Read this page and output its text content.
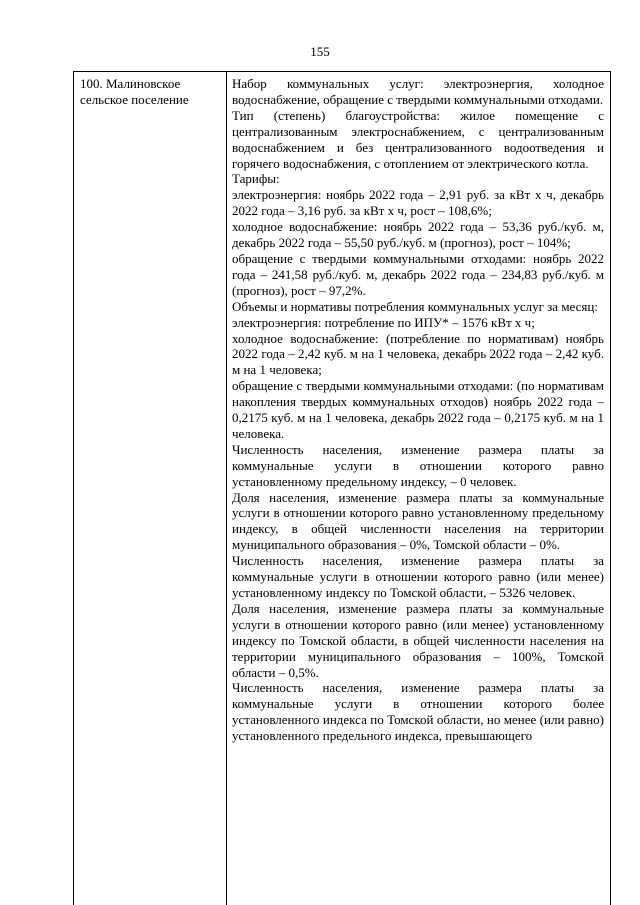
155
100. Малиновское сельское поселение

Набор коммунальных услуг: электроэнергия, холодное водоснабжение, обращение с твердыми коммунальными отходами.

Тип (степень) благоустройства: жилое помещение с централизованным электроснабжением, с централизованным водоснабжением и без централизованного водоотведения и горячего водоснабжения, с отоплением от электрического котла.

Тарифы:

электроэнергия: ноябрь 2022 года – 2,91 руб. за кВт х ч, декабрь 2022 года – 3,16 руб. за кВт х ч, рост – 108,6%;

холодное водоснабжение: ноябрь 2022 года – 53,36 руб./куб. м, декабрь 2022 года – 55,50 руб./куб. м (прогноз), рост – 104%;

обращение с твердыми коммунальными отходами: ноябрь 2022 года – 241,58 руб./куб. м, декабрь 2022 года – 234,83 руб./куб. м (прогноз), рост – 97,2%.

Объемы и нормативы потребления коммунальных услуг за месяц:

электроэнергия: потребление по ИПУ* – 1576 кВт х ч;

холодное водоснабжение: (потребление по нормативам) ноябрь 2022 года – 2,42 куб. м на 1 человека, декабрь 2022 года – 2,42 куб. м на 1 человека;

обращение с твердыми коммунальными отходами: (по нормативам накопления твердых коммунальных отходов) ноябрь 2022 года – 0,2175 куб. м на 1 человека, декабрь 2022 года – 0,2175 куб. м на 1 человека.

Численность населения, изменение размера платы за коммунальные услуги в отношении которого равно установленному предельному индексу, – 0 человек.

Доля населения, изменение размера платы за коммунальные услуги в отношении которого равно установленному предельному индексу, в общей численности населения на территории муниципального образования – 0%, Томской области – 0%.

Численность населения, изменение размера платы за коммунальные услуги в отношении которого равно (или менее) установленному индексу по Томской области, – 5326 человек.

Доля населения, изменение размера платы за коммунальные услуги в отношении которого равно (или менее) установленному индексу по Томской области, в общей численности населения на территории муниципального образования – 100%, Томской области – 0,5%.

Численность населения, изменение размера платы за коммунальные услуги в отношении которого более установленного индекса по Томской области, но менее (или равно) установленного предельного индекса, превышающего
